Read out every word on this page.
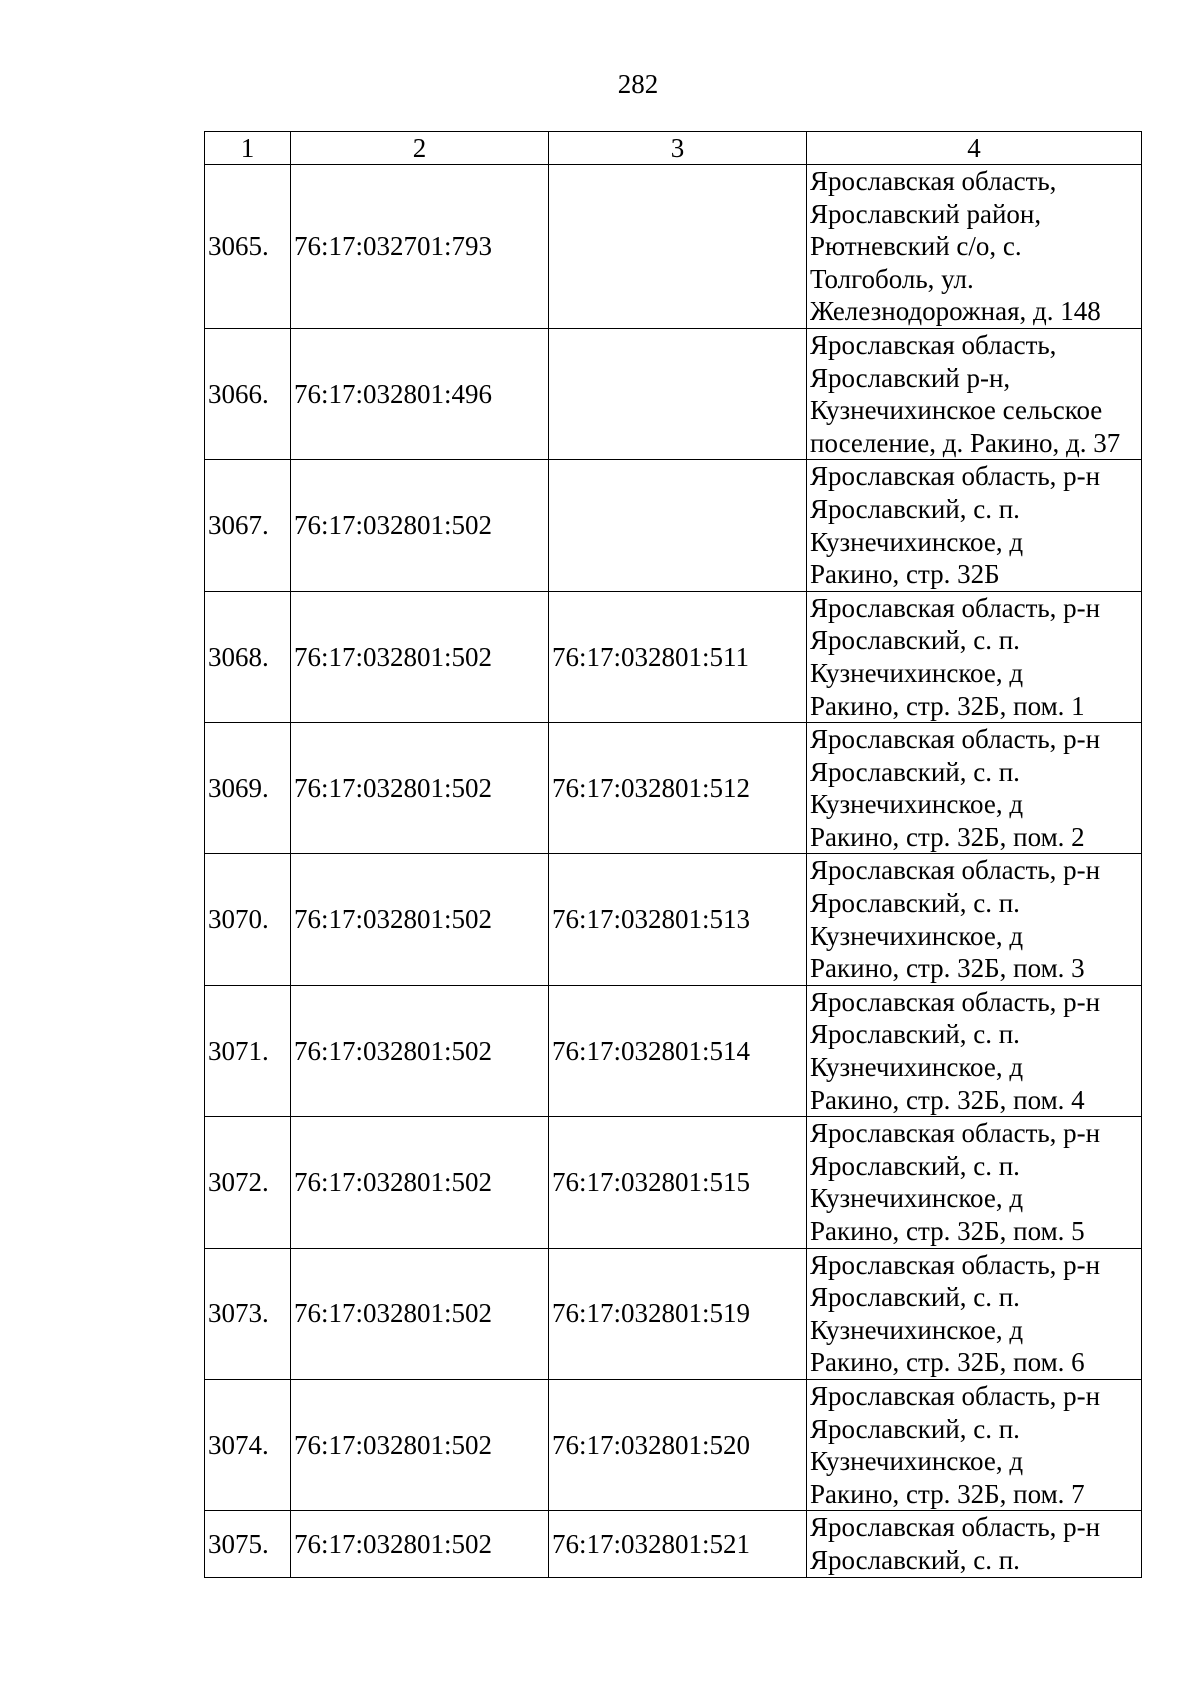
282
1	2	3	4
3065.	76:17:032701:793		Ярославская область,
Ярославский район,
Рютневский с/о, с.
Толгоболь, ул.
Железнодорожная, д. 148

3066.	76:17:032801:496		Ярославская область,
Ярославский р-н,
Кузнечихинское сельское
поселение, д. Ракино, д. 37

3067.	76:17:032801:502		Ярославская область, р-н
Ярославский, с. п.
Кузнечихинское, д
Ракино, стр. 32Б

3068.	76:17:032801:502	76:17:032801:511	Ярославская область, р-н
Ярославский, с. п.
Кузнечихинское, д
Ракино, стр. 32Б, пом. 1

3069.	76:17:032801:502	76:17:032801:512	Ярославская область, р-н
Ярославский, с. п.
Кузнечихинское, д
Ракино, стр. 32Б, пом. 2

3070.	76:17:032801:502	76:17:032801:513	Ярославская область, р-н
Ярославский, с. п.
Кузнечихинское, д
Ракино, стр. 32Б, пом. 3

3071.	76:17:032801:502	76:17:032801:514	Ярославская область, р-н
Ярославский, с. п.
Кузнечихинское, д
Ракино, стр. 32Б, пом. 4

3072.	76:17:032801:502	76:17:032801:515	Ярославская область, р-н
Ярославский, с. п.
Кузнечихинское, д
Ракино, стр. 32Б, пом. 5

3073.	76:17:032801:502	76:17:032801:519	Ярославская область, р-н
Ярославский, с. п.
Кузнечихинское, д
Ракино, стр. 32Б, пом. 6

3074.	76:17:032801:502	76:17:032801:520	Ярославская область, р-н
Ярославский, с. п.
Кузнечихинское, д
Ракино, стр. 32Б, пом. 7

3075.	76:17:032801:502	76:17:032801:521	Ярославская область, р-н
Ярославский, с. п.
